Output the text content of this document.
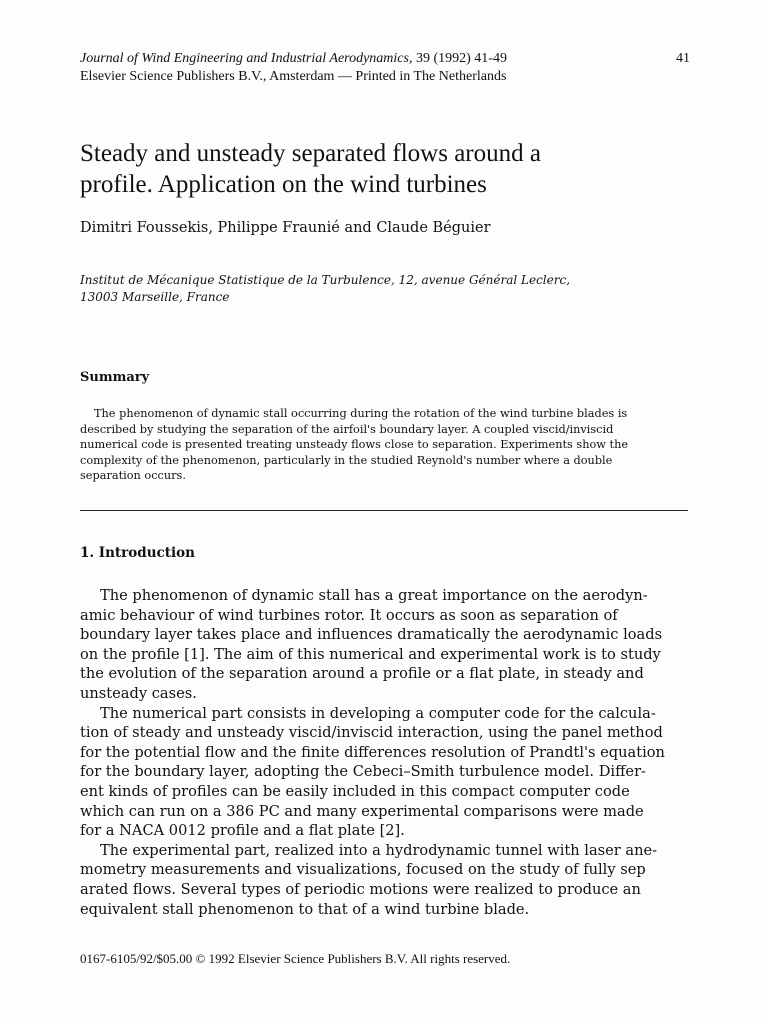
Journal of Wind Engineering and Industrial Aerodynamics, 39 (1992) 41-49
Elsevier Science Publishers B.V., Amsterdam — Printed in The Netherlands
41
Steady and unsteady separated flows around a
profile. Application on the wind turbines
Dimitri Foussekis, Philippe Fraunié and Claude Béguier
Institut de Mécanique Statistique de la Turbulence, 12, avenue Général Leclerc,
13003 Marseille, France
Summary
The phenomenon of dynamic stall occurring during the rotation of the wind turbine blades is
described by studying the separation of the airfoil's boundary layer. A coupled viscid/inviscid
numerical code is presented treating unsteady flows close to separation. Experiments show the
complexity of the phenomenon, particularly in the studied Reynold's number where a double
separation occurs.
1. Introduction
The phenomenon of dynamic stall has a great importance on the aerodyn-
amic behaviour of wind turbines rotor. It occurs as soon as separation of
boundary layer takes place and influences dramatically the aerodynamic loads
on the profile [1]. The aim of this numerical and experimental work is to study
the evolution of the separation around a profile or a flat plate, in steady and
unsteady cases.
The numerical part consists in developing a computer code for the calcula-
tion of steady and unsteady viscid/inviscid interaction, using the panel method
for the potential flow and the finite differences resolution of Prandtl's equation
for the boundary layer, adopting the Cebeci–Smith turbulence model. Differ-
ent kinds of profiles can be easily included in this compact computer code
which can run on a 386 PC and many experimental comparisons were made
for a NACA 0012 profile and a flat plate [2].
The experimental part, realized into a hydrodynamic tunnel with laser ane-
mometry measurements and visualizations, focused on the study of fully sep
arated flows. Several types of periodic motions were realized to produce an
equivalent stall phenomenon to that of a wind turbine blade.
0167-6105/92/$05.00 © 1992 Elsevier Science Publishers B.V. All rights reserved.
